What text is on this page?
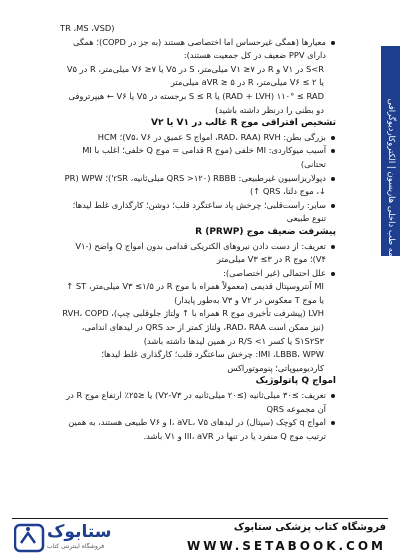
۱۶ دستنامه طب داخلی هاریسون | الکتروکاردیوگرافی

TR ،MS ،VSD)

معیارها (همگی غیرحساس اما اختصاصی هستند (به جز در COPD)؛ همگی دارای PPV ضعیف در کل جمعیت هستند):

S<R در V۱ و R در V۱ ≥۷ میلی‌متر، S در V۵ یا V۶ ≥۷ میلی‌متر، R در V۵ یا V۶ ≤ ۲ میلی‌متر، R در aVR ≥ ۵ میلی‌متر

RAD + LVH) ۱۱۰° ≤ RAD) یا S ≤ R برجسته در V۵ یا V۶ ← هیپرتروفی دو بطنی را درنظر داشته باشید)

تشخیص افتراقی موج R غالب در V۱ یا V۲

بزرگی بطن: RVH (RAD، RAA، امواج S عمیق در V۵، V۶)؛ HCM

آسیب میوکاردی: MI خلفی (موج R قدامی = موج Q خلفی؛ اغلب با MI تحتانی)

دپولاریزاسیون غیرطبیعی: RBBB (QRS >۱۲۰ میلی‌ثانیه، rSR')؛ WPW (PR ↓، موج دلتا، QRS ↑)

سایر: راست‌قلبی؛ چرخش پاد ساعتگرد قلب؛ دوشن؛ کارگذاری غلط لیدها؛ تنوع طبیعی

پیشرفت ضعیف موج R (PRWP)

تعریف: از دست دادن نیروهای الکتریکی قدامی بدون امواج Q واضح (V۱-V۴)؛ موج R در V۳ ≤۳ میلی‌متر

علل احتمالی (غیر اختصاصی):

MI آنتروسپتال قدیمی (معمولاً همراه با موج R در V۳ ≤۱/۵ میلی‌متر، ST ↑ یا موج T معکوس در V۲ و V۳ به‌طور پایدار)

LVH (پیشرفت تأخیری موج R همراه با ↑ ولتاژ جلوقلبی چپ)، RVH، COPD (نیز ممکن است RAD، RAA، ولتاژ کمتر از حد QRS در لیدهای اندامی، S۱S۲S۳ یا کسر R/S <۱ در همین لیدها داشته باشد)

IMI ،LBBB، WPW: چرخش ساعتگرد قلب؛ کارگذاری غلط لیدها؛ کاردیومیوپاتی؛ پنوموتوراکس

امواج Q پاتولوژیک

تعریف: ≥۳۰ میلی‌ثانیه (≥۲۰ میلی‌ثانیه در V۲-V۳) یا ≤۲۵٪ ارتفاع موج R در آن مجموعه QRS

امواج q کوچک (سپتال) در لیدهای I، aVL، V۵ و V۶ طبیعی هستند، به همین ترتیب موج Q منفرد یا در تنها در III، aVR و V۱ باشد.

ستابوک
فروشگاه اینترنتی کتاب
فروشگاه کتاب پزشکی ستابوک
WWW.SETABOOK.COM
